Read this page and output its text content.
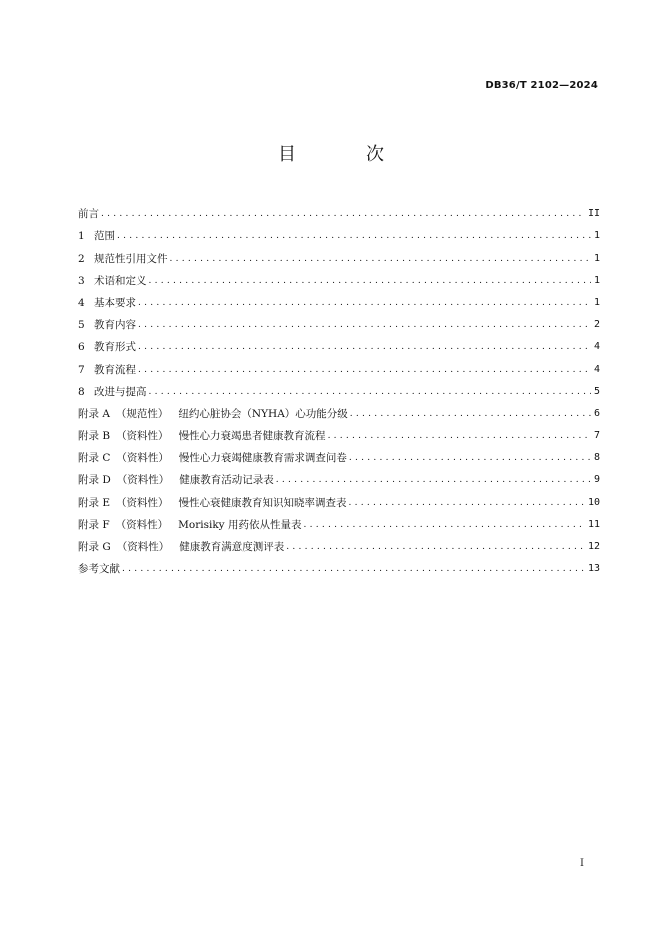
DB36/T 2102—2024
目　次
前言 . . .	II
1 范围 . . .	1
2 规范性引用文件 . . .	1
3 术语和定义 . . .	1
4 基本要求 . . .	1
5 教育内容 . . .	2
6 教育形式 . . .	4
7 教育流程 . . .	4
8 改进与提高 . . .	5
附录 A （规范性） 纽约心脏协会（NYHA）心功能分级 . . .	6
附录 B （资料性） 慢性心力衰竭患者健康教育流程 . . .	7
附录 C （资料性） 慢性心力衰竭健康教育需求调查问卷 . . .	8
附录 D （资料性） 健康教育活动记录表 . . .	9
附录 E （资料性） 慢性心衰健康教育知识知晓率调查表 . . .	10
附录 F （资料性） Morisiky 用药依从性量表 . . .	11
附录 G （资料性） 健康教育满意度测评表 . . .	12
参考文献 . . .	13
I
